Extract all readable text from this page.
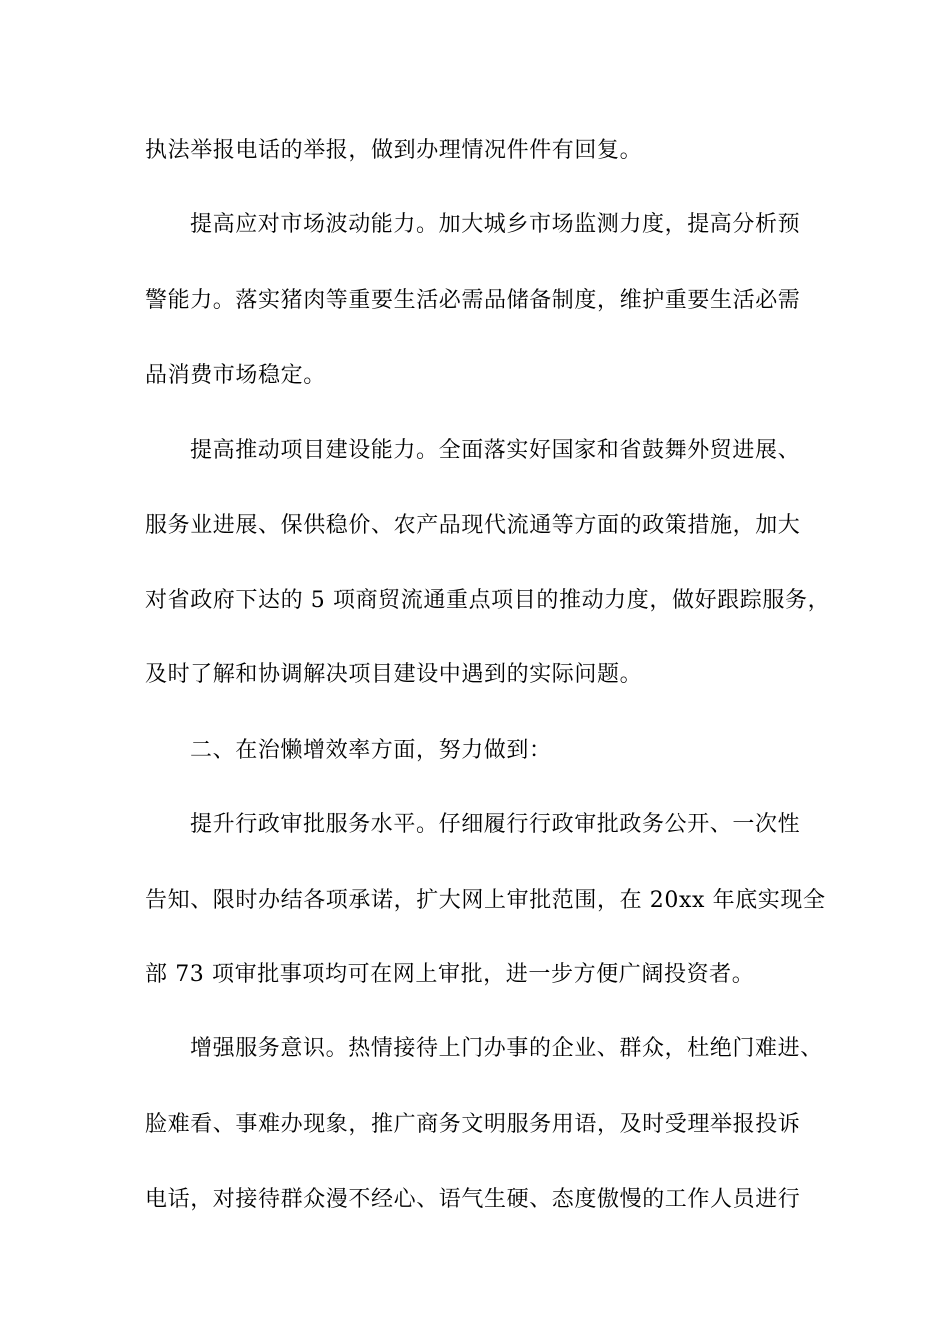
执法举报电话的举报，做到办理情况件件有回复。
提高应对市场波动能力。加大城乡市场监测力度，提高分析预
警能力。落实猪肉等重要生活必需品储备制度，维护重要生活必需
品消费市场稳定。
提高推动项目建设能力。全面落实好国家和省鼓舞外贸进展、
服务业进展、保供稳价、农产品现代流通等方面的政策措施，加大
对省政府下达的 5 项商贸流通重点项目的推动力度，做好跟踪服务，
及时了解和协调解决项目建设中遇到的实际问题。
二、在治懒增效率方面，努力做到：
提升行政审批服务水平。仔细履行行政审批政务公开、一次性
告知、限时办结各项承诺，扩大网上审批范围，在 20xx 年底实现全
部 73 项审批事项均可在网上审批，进一步方便广阔投资者。
增强服务意识。热情接待上门办事的企业、群众，杜绝门难进、
脸难看、事难办现象，推广商务文明服务用语，及时受理举报投诉
电话，对接待群众漫不经心、语气生硬、态度傲慢的工作人员进行
